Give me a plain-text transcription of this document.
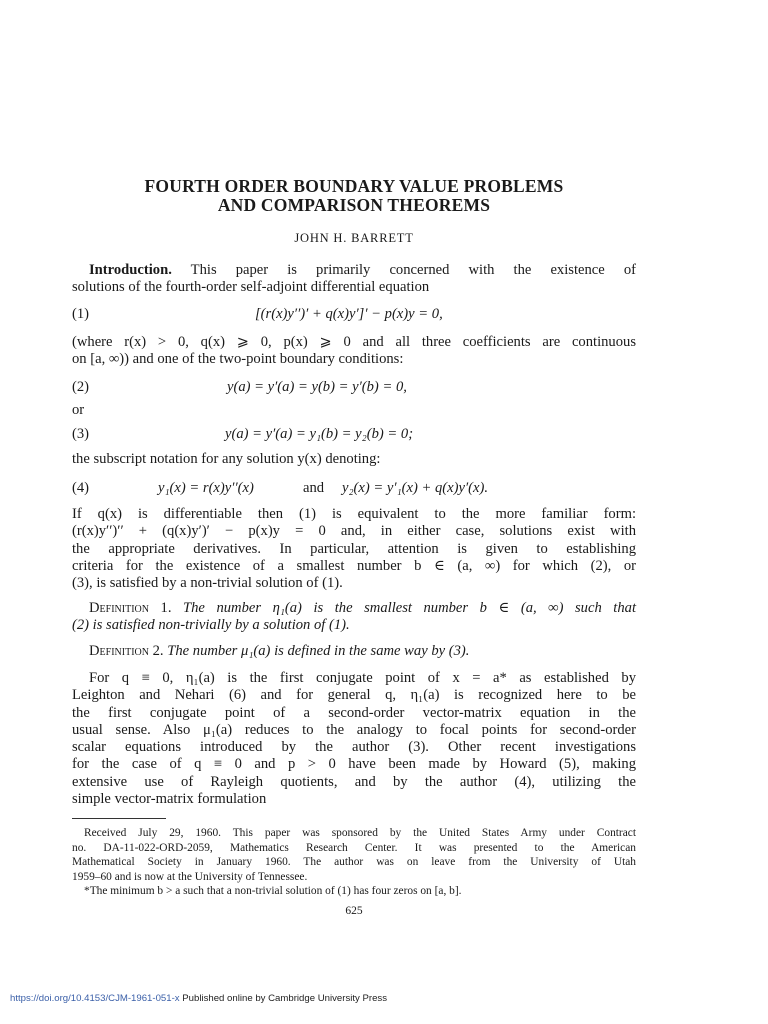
FOURTH ORDER BOUNDARY VALUE PROBLEMS
AND COMPARISON THEOREMS
JOHN H. BARRETT
Introduction. This paper is primarily concerned with the existence of
solutions of the fourth-order self-adjoint differential equation
(1)	[(r(x)y′′)′ + q(x)y′]′ − p(x)y = 0,
(where r(x) > 0, q(x) ⩾ 0, p(x) ⩾ 0 and all three coefficients are continuous
on [a, ∞)) and one of the two-point boundary conditions:
(2)	y(a) = y′(a) = y(b) = y′(b) = 0,
or
(3)	y(a) = y′(a) = y₁(b) = y₂(b) = 0;
the subscript notation for any solution y(x) denoting:
(4)	y₁(x) = r(x)y′′(x)	and y₂(x) = y′₁(x) + q(x)y′(x).
If q(x) is differentiable then (1) is equivalent to the more familiar form:
(r(x)y′′)′′ + (q(x)y′)′ − p(x)y = 0 and, in either case, solutions exist with
the appropriate derivatives. In particular, attention is given to establishing
criteria for the existence of a smallest number b ∈ (a, ∞) for which (2), or
(3), is satisfied by a non-trivial solution of (1).
Definition 1. The number η₁(a) is the smallest number b ∈ (a, ∞) such that
(2) is satisfied non-trivially by a solution of (1).
Definition 2. The number μ₁(a) is defined in the same way by (3).
For q ≡ 0, η₁(a) is the first conjugate point of x = a* as established by
Leighton and Nehari (6) and for general q, η₁(a) is recognized here to be
the first conjugate point of a second-order vector-matrix equation in the
usual sense. Also μ₁(a) reduces to the analogy to focal points for second-order
scalar equations introduced by the author (3). Other recent investigations
for the case of q ≡ 0 and p > 0 have been made by Howard (5), making
extensive use of Rayleigh quotients, and by the author (4), utilizing the
simple vector-matrix formulation
Received July 29, 1960. This paper was sponsored by the United States Army under Contract
no. DA-11-022-ORD-2059, Mathematics Research Center. It was presented to the American
Mathematical Society in January 1960. The author was on leave from the University of Utah
1959–60 and is now at the University of Tennessee.
*The minimum b > a such that a non-trivial solution of (1) has four zeros on [a, b].
625
https://doi.org/10.4153/CJM-1961-051-x Published online by Cambridge University Press
